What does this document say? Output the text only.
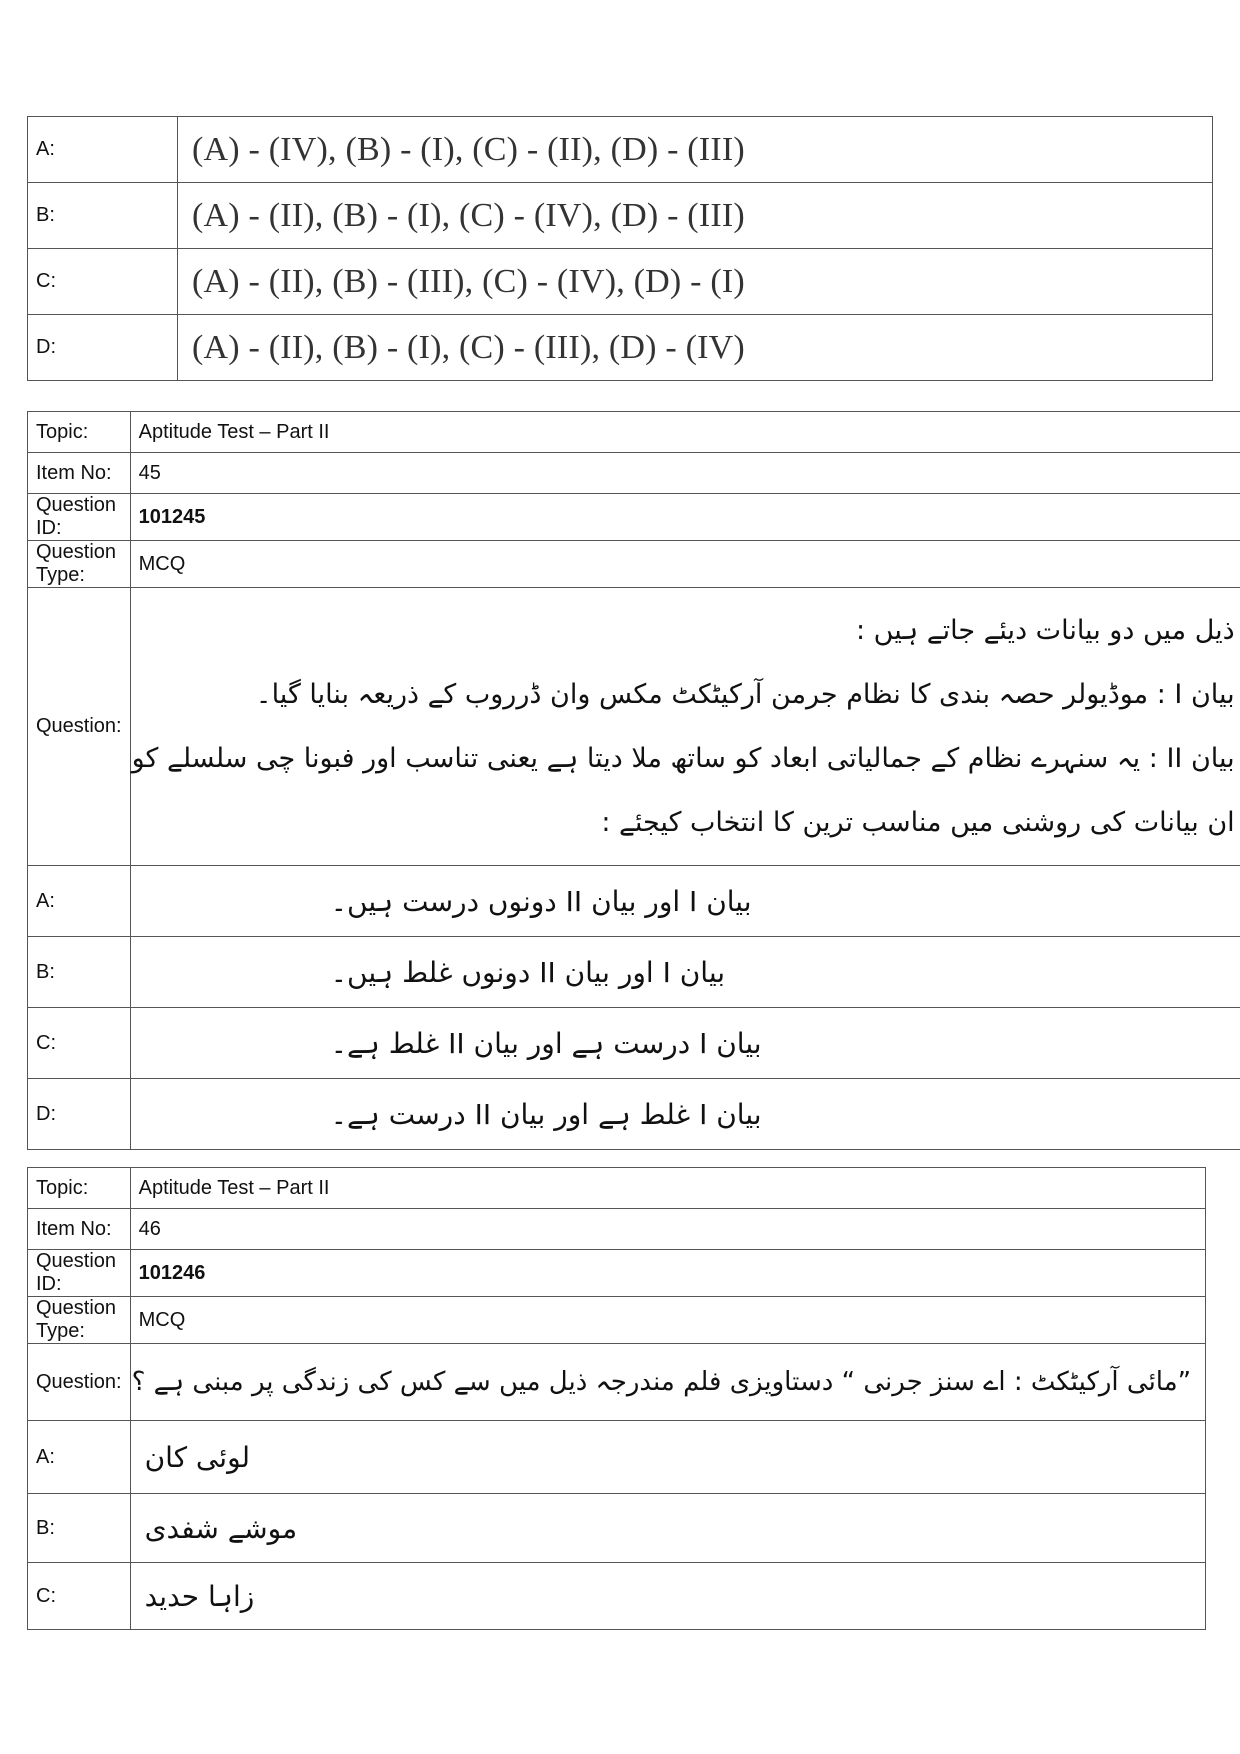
A:	(A) - (IV), (B) - (I), (C) - (II), (D) - (III)
B:	(A) - (II), (B) - (I), (C) - (IV), (D) - (III)
C:	(A) - (II), (B) - (III), (C) - (IV), (D) - (I)
D:	(A) - (II), (B) - (I), (C) - (III), (D) - (IV)
Topic:	Aptitude Test – Part II
Item No:	45
Question ID:	101245
Question Type:	MCQ
Question:	ذیل میں دو بیانات دیئے جاتے ہیں :
بیان I : موڈیولر حصہ بندی کا نظام جرمن آرکیٹکٹ مکس وان ڈرروب کے ذریعہ بنایا گیا۔
بیان II : یہ سنہرے نظام کے جمالیاتی ابعاد کو ساتھ ملا دیتا ہے یعنی تناسب اور فبونا چی سلسلے کو
ان بیانات کی روشنی میں مناسب ترین کا انتخاب کیجئے :

A:	بیان I اور بیان II دونوں درست ہیں۔
B:	بیان I اور بیان II دونوں غلط ہیں۔
C:	بیان I درست ہے اور بیان II غلط ہے۔
D:	بیان I غلط ہے اور بیان II درست ہے۔
Topic:	Aptitude Test – Part II
Item No:	46
Question ID:	101246
Question Type:	MCQ
Question:	”مائی آرکیٹکٹ : اے سنز جرنی “ دستاویزی فلم مندرجہ ذیل میں سے کس کی زندگی پر مبنی ہے ؟
A:	لوئی کان
B:	موشے شفدی
C:	زاہا حدید
